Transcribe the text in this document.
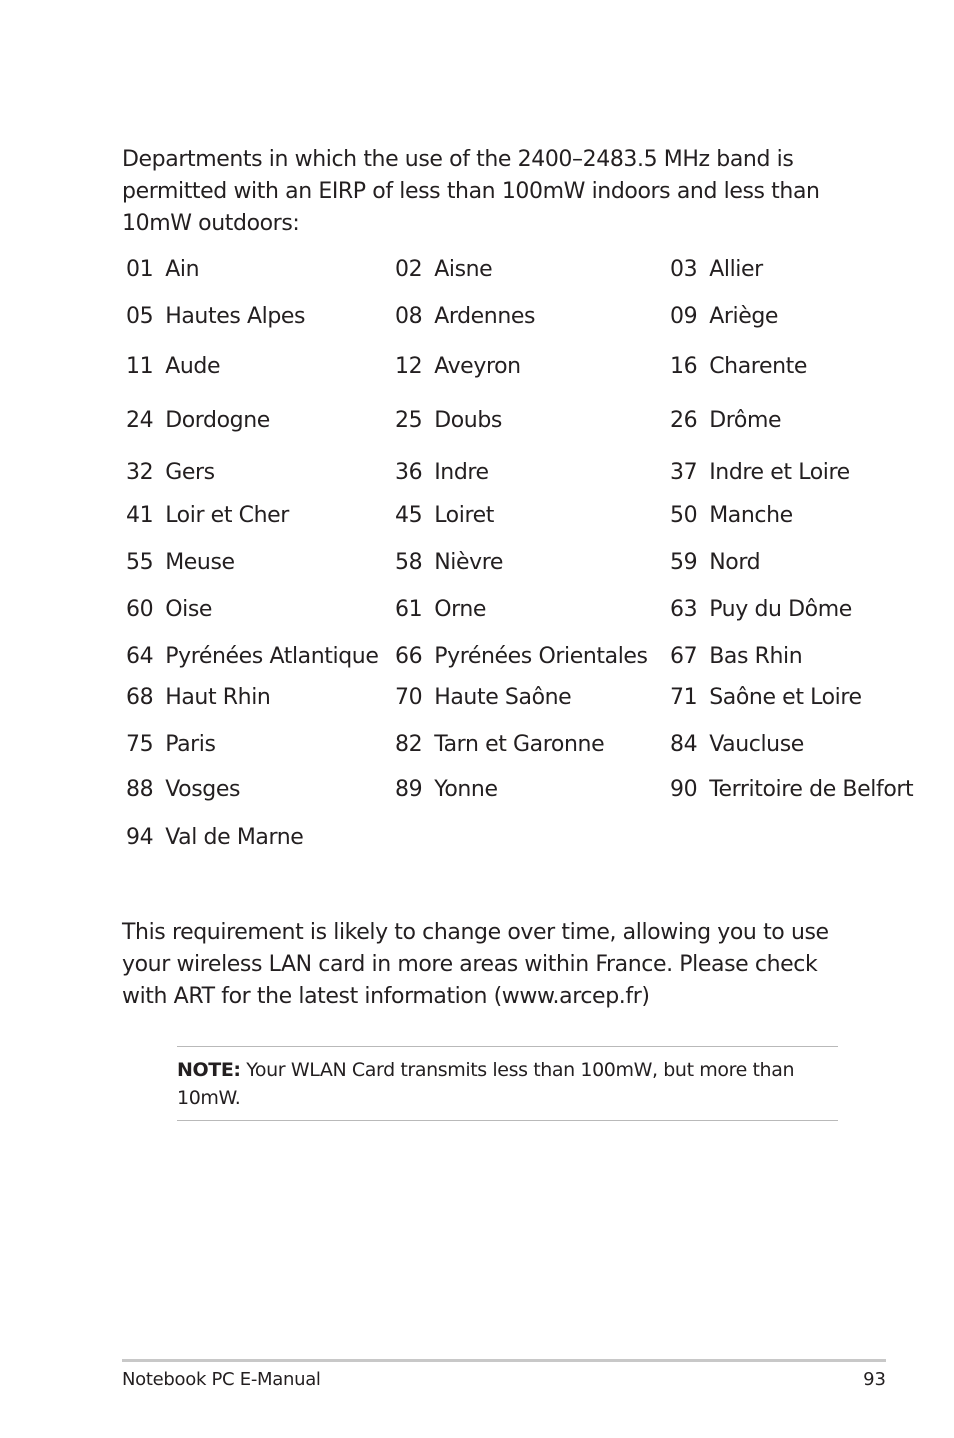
Departments in which the use of the 2400–2483.5 MHz band is permitted with an EIRP of less than 100mW indoors and less than 10mW outdoors:

01 Ain	02 Aisne	03 Allier
05 Hautes Alpes	08 Ardennes	09 Ariège
11 Aude	12 Aveyron	16 Charente
24 Dordogne	25 Doubs	26 Drôme
32 Gers	36 Indre	37 Indre et Loire
41 Loir et Cher	45 Loiret	50 Manche
55 Meuse	58 Nièvre	59 Nord
60 Oise	61 Orne	63 Puy du Dôme
64 Pyrénées Atlantique 66 Pyrénées Orientales 67 Bas Rhin
68 Haut Rhin	70 Haute Saône	71 Saône et Loire
75 Paris	82 Tarn et Garonne	84 Vaucluse
88 Vosges	89 Yonne	90 Territoire de Belfort
94 Val de Marne

This requirement is likely to change over time, allowing you to use your wireless LAN card in more areas within France. Please check with ART for the latest information (www.arcep.fr)

NOTE: Your WLAN Card transmits less than 100mW, but more than 10mW.

Notebook PC E-Manual	93
